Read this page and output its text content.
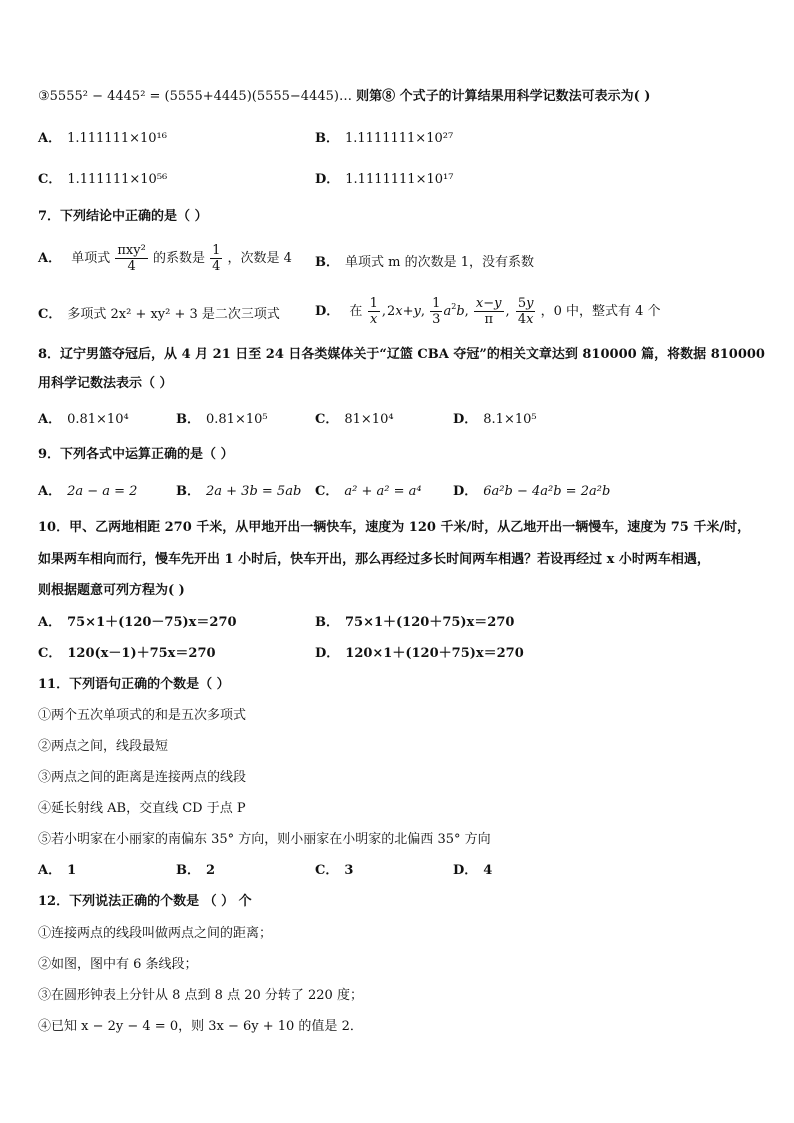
③5555² − 4445² = (5555+4445)(5555−4445)… 则第⑧ 个式子的计算结果用科学记数法可表示为( )
A． 1.111111×10¹⁶	B． 1.1111111×10²⁷
C． 1.111111×10⁵⁶	D． 1.1111111×10¹⁷
7．下列结论中正确的是（ ）
A． 单项式 $\frac{\text{πxy²}}{4}$ 的系数是 $\frac{1}{4}$ ，次数是 4 B． 单项式 m 的次数是 1，没有系数
C． 多项式 2x² + xy² + 3 是二次三项式	D． 在 $\frac{1}{x} ,2x+y$, $\frac{1}{3} a^2b$, $\frac{x-y}{\pi}$ , $\frac{5y}{4x}$ ，0 中，整式有 4 个
8．辽宁男篮夺冠后，从 4 月 21 日至 24 日各类媒体关于“辽篮 CBA 夺冠”的相关文章达到 810000 篇，将数据 810000
用科学记数法表示（ ）
A． 0.81×10⁴	B． 0.81×10⁵	C． 81×10⁴	D． 8.1×10⁵
9．下列各式中运算正确的是（ ）
A． 2a − a = 2	B． 2a + 3b = 5ab C． a² + a² = a⁴ D． 6a²b − 4a²b = 2a²b
10．甲、乙两地相距 270 千米，从甲地开出一辆快车，速度为 120 千米/时，从乙地开出一辆慢车，速度为 75 千米/时，
如果两车相向而行，慢车先开出 1 小时后，快车开出，那么再经过多长时间两车相遇？若设再经过 x 小时两车相遇，
则根据题意可列方程为( )
A． 75×1＋(120－75)x＝270	B． 75×1＋(120＋75)x＝270
C． 120(x－1)＋75x＝270	D． 120×1＋(120＋75)x＝270
11．下列语句正确的个数是（ ）
①两个五次单项式的和是五次多项式
②两点之间，线段最短
③两点之间的距离是连接两点的线段
④延长射线 AB，交直线 CD 于点 P
⑤若小明家在小丽家的南偏东 35° 方向，则小丽家在小明家的北偏西 35° 方向
A． 1	B． 2	C． 3	D． 4
12．下列说法正确的个数是 （ ） 个
①连接两点的线段叫做两点之间的距离；
②如图，图中有 6 条线段；
③在圆形钟表上分针从 8 点到 8 点 20 分转了 220 度；
④已知 x − 2y − 4 = 0，则 3x − 6y + 10 的值是 2．
